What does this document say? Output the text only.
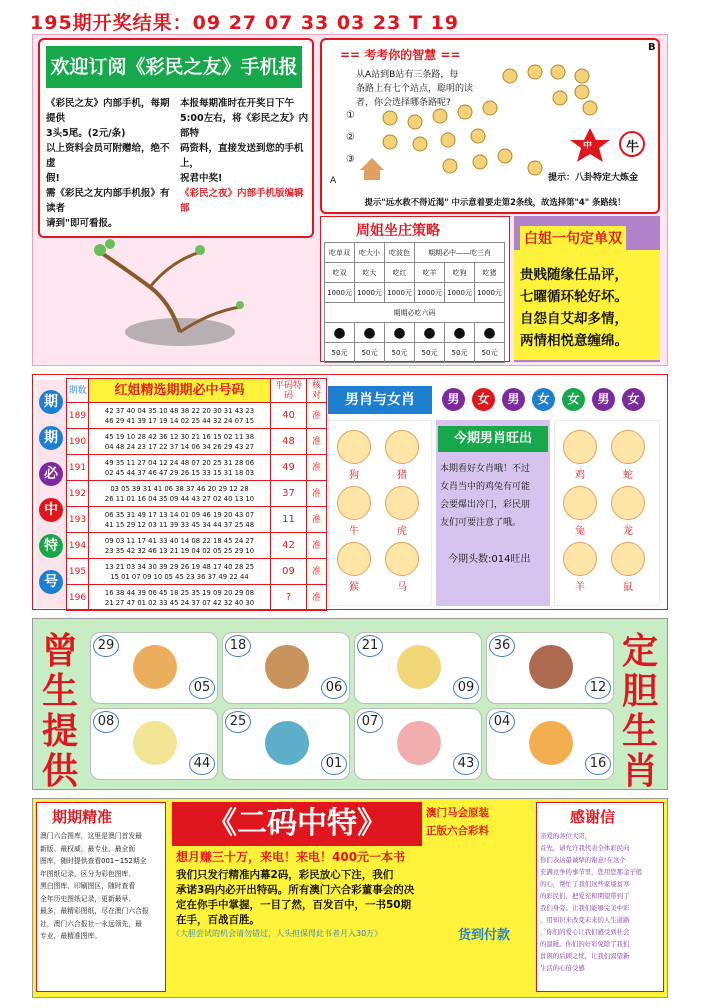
195期开奖结果：09 27 07 33 03 23 T 19
欢迎订阅《彩民之友》手机报
《彩民之友》内部手机，每期提供
3头5尾。(2元/条)
以上资料会员可附赠给，绝不虚
假!
需《彩民之友内部手机报》有读者
请到"即可看报。
本报每期准时在开奖日下午
5:00左右，将《彩民之友》内部特
码资料，直接发送到您的手机上，
祝君中奖!
《彩民之夜》内部手机版编辑
部
== 考考你的智慧 ==
B
从A站到B站有三条路，每
条路上有七个站点，聪明的读
者，你会选择哪条路呢?
①
②
③
A
中	牛
提示：八卦特定大炼金
提示"远水救不得近渴" 中示意着要走第2条线，故选择第"4" 条路线！
周姐坐庄策略
吃单双	吃大小	吃波色	期期必中——吃三肖		
吃双	吃大	吃红	吃羊	吃狗	吃猪
1000元	1000元	1000元	1000元	1000元	1000元
期期必吃六码					
●	●	●	●	●	●
50元	50元	50元	50元	50元	50元
白姐一句定单双
贵贱随缘任品评，
七曜循环轮好坏。
自怨自艾却多情，
两情相悦意缠绵。
期
期
必
中
特
号
期数	红姐精选期期必中号码	平码特码	核对
189	42 37 40 04 35 10 48 38 22 20 30 31 43 23
46 29 41 39 17 19 14 02 25 44 32 24 07 15	40	准
190	45 19 10 28 42 36 12 30 21 16 15 02 11 38
04 48 24 23 17 22 37 14 06 34 26 29 43 27	48	准
191	49 35 11 27 04 12 24 48 07 20 25 31 28 06
02 45 44 37 46 47 29 26 15 33 15 31 18 03	49	准
192	03 05 39 31 41 06 38 37 46 20 29 12 28
26 11 01 16 04 35 09 44 43 27 02 40 13 10	37	准
193	06 35 31 49 17 13 14 01 09 46 19 20 43 07
41 15 29 12 03 11 39 33 45 34 44 37 25 48	11	准
194	09 03 11 17 41 33 40 14 08 22 18 45 24 27
23 35 42 32 46 13 21 19 04 02 05 25 29 10	42	准
195	13 21 03 34 30 39 29 26 19 48 17 40 28 25
15 01 07 09 10 05 45 23 36 37 49 22 44	09	准
196	16 38 44 39 06 45 18 25 35 19 09 20 29 08
21 27 47 01 02 33 45 24 37 07 42 32 40 30	?	准
男肖与女肖	男 女 男 女 女 男 女
狗	猪
牛	虎
猴	马
鸡	蛇
兔	龙
羊	鼠
今期男肖旺出
本期看好女肖哦！不过
女肖当中的鸡兔有可能
会要爆出冷门，彩民朋
友们可要注意了哦。
今期头数:014旺出
曾
生
提
供
定
胆
生
肖
29
05
18
06
21
09
36
12
08
44
25
01
07
43
04
16
期期精准
澳门六合图库，这里是澳门首发最
新版、最权威、最专业、最全面
图库，随时提供查看001~152期全
年图纸记录，区分为彩色图库、
黑白图库、印刷图区，随时查看
全年历史图纸记录，更新最早、
最多，最精彩图纸，尽在澳门六合报
社，澳门六合报社一永远领先，最
专业，最精准图库。
《二码中特》	澳门马会原装
正版六合彩料
想月赚三十万，来电！来电！400元一本书
我们只发行精准内幕2码，彩民放心下注，我们
承诺3码内必开出特码。所有澳门六合彩董事会的决
定在你手中掌握，一目了然，百发百中，一书50期
在手，百战百胜。
《大胆尝试的机会请勿错过，人头担保得此书者月入30万》	货到付款
感谢信
亲爱的各位大哥，
首先，请允许我代表全体彩民向
你们表达最诚挚的谢意!在这个
充满竞争的事节里，您用您那金子般
的心，帮忙了我们这些家境贫寒
的彩民们，把爱充和期望带到了
我们身旁。让我们能够完美中彩
，用知识来改变未来的人生道路
，你们的爱心让我们感受到社会
的温暖。你们的好彩免除了我们
贫困的后顾之忧，让我们渴望新
生活的心倍受感
